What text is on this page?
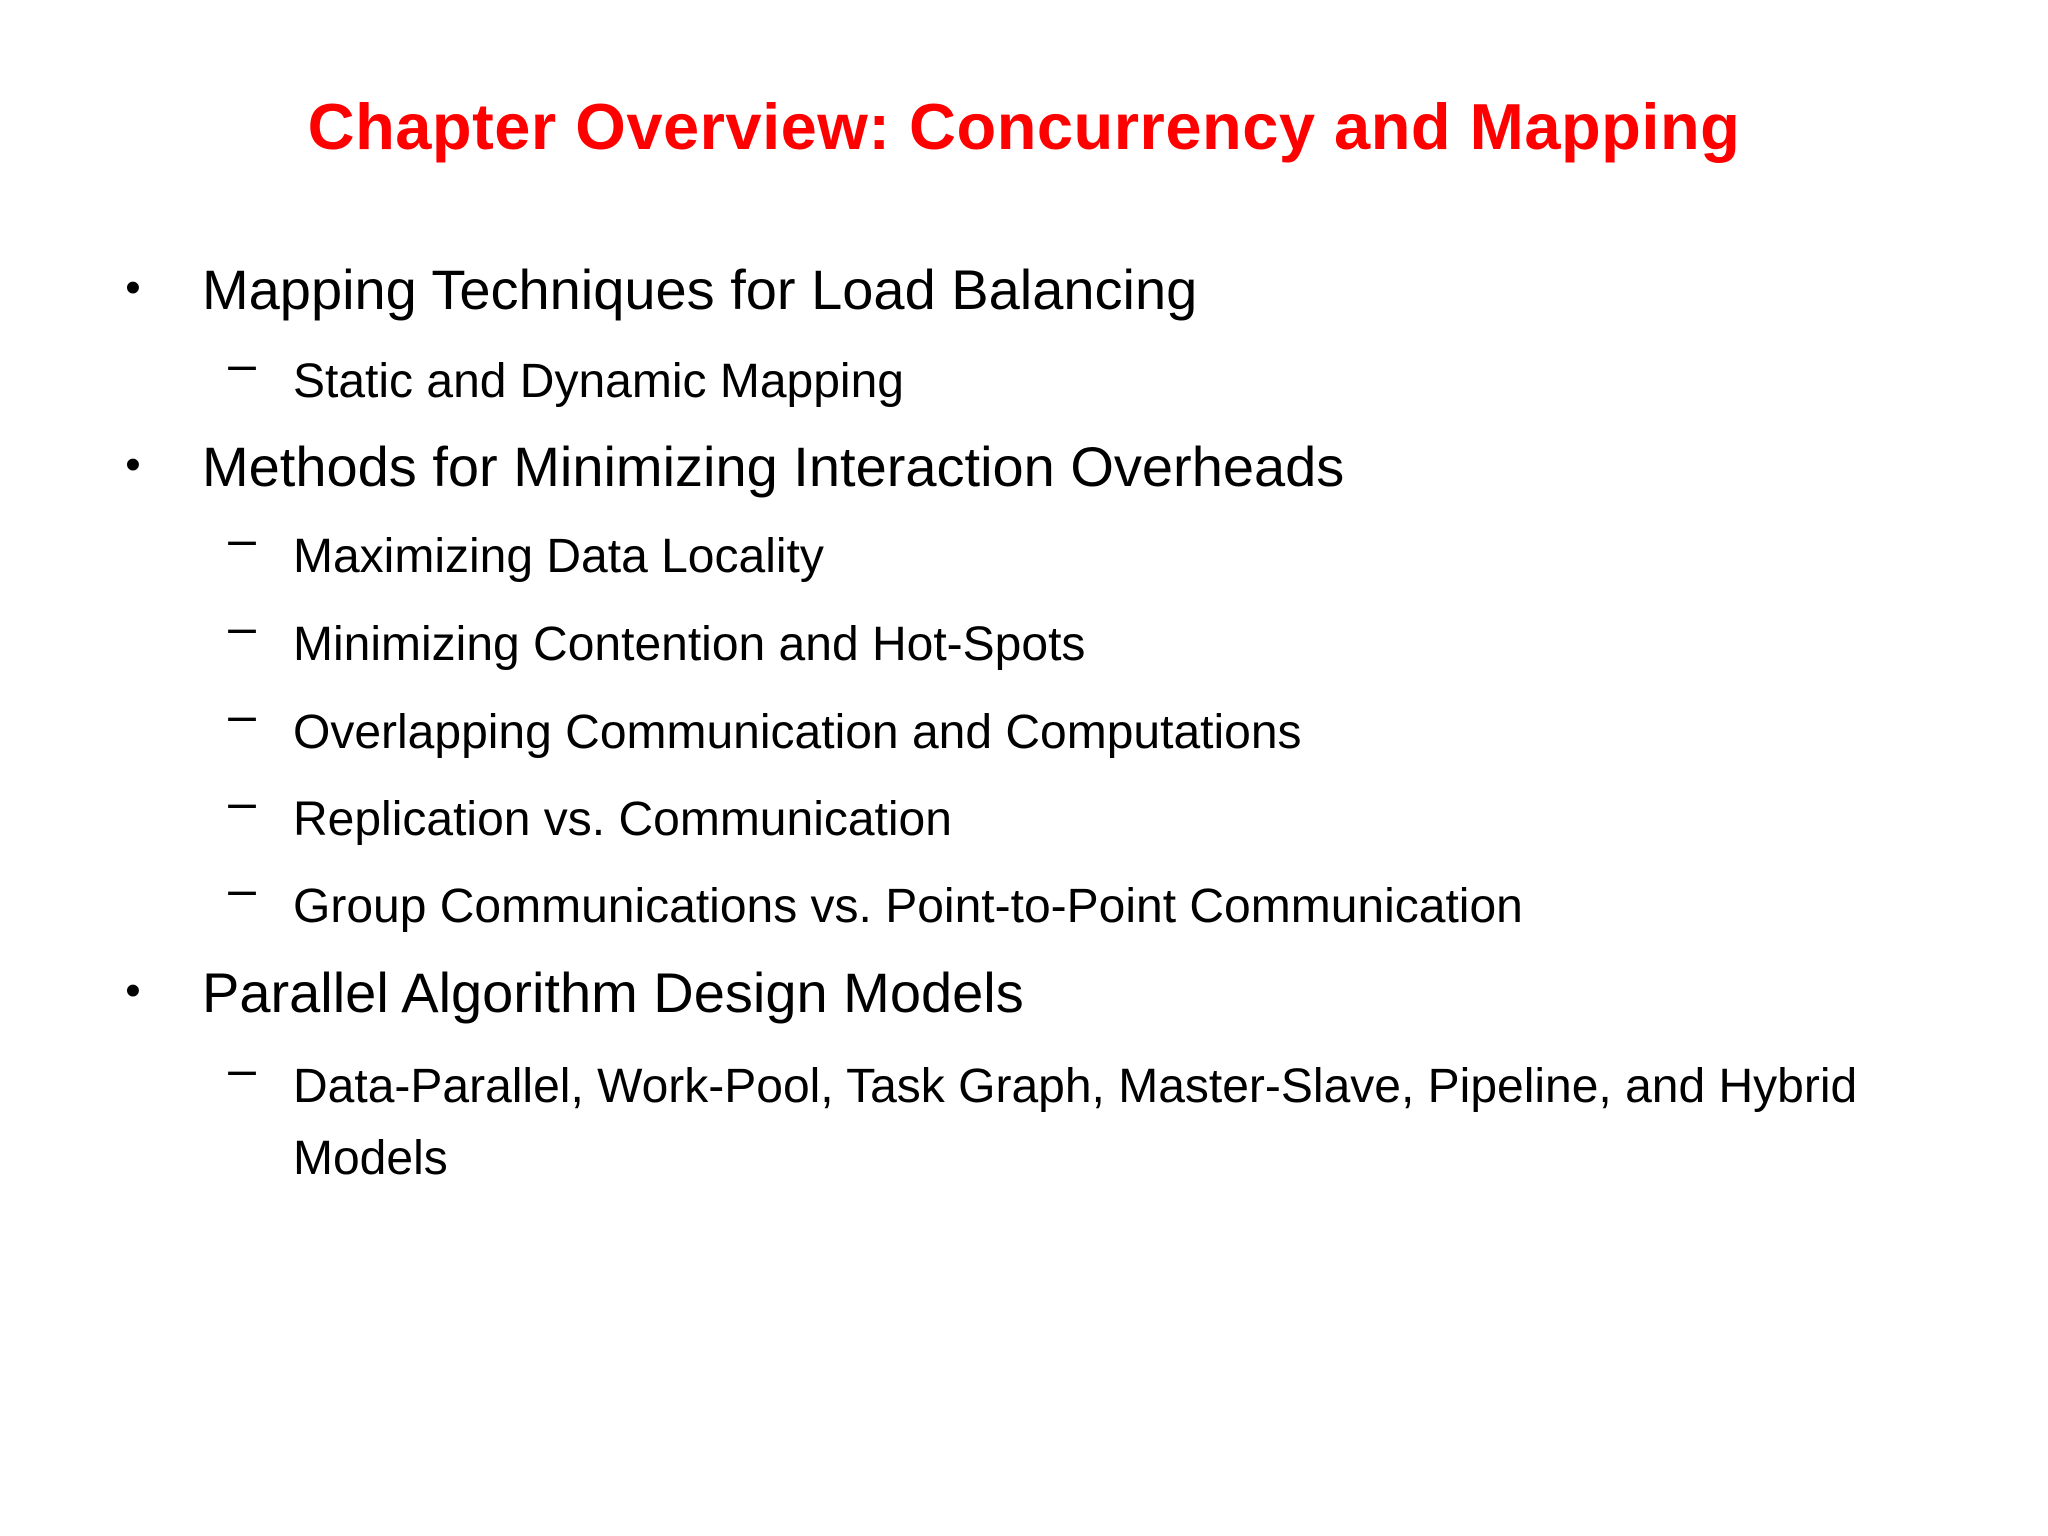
Chapter Overview: Concurrency and Mapping
• Mapping Techniques for Load Balancing
– Static and Dynamic Mapping
• Methods for Minimizing Interaction Overheads
– Maximizing Data Locality
– Minimizing Contention and Hot-Spots
– Overlapping Communication and Computations
– Replication vs. Communication
– Group Communications vs. Point-to-Point Communication
• Parallel Algorithm Design Models
– Data-Parallel, Work-Pool, Task Graph, Master-Slave, Pipeline, and Hybrid Models
